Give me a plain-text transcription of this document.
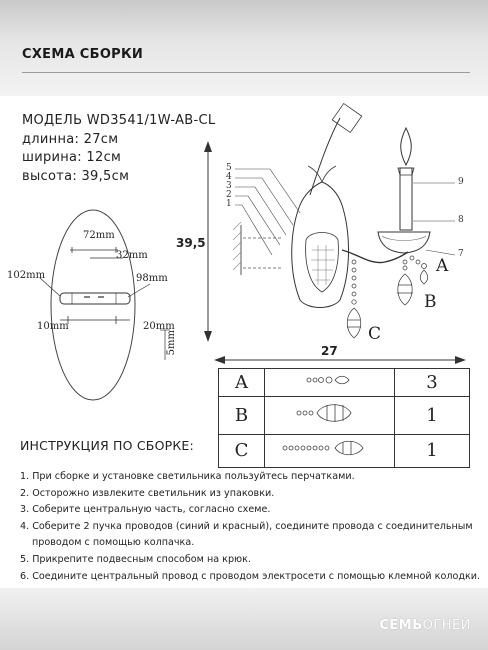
СХЕМА СБОРКИ
МОДЕЛЬ WD3541/1W-AB-CL
длинна: 27см
ширина: 12см
высота: 39,5см
72mm
32mm
98mm
102mm
10mm	20mm
5mm
39,5
27
5
4
3
2
1
9
8
7
A
B
C
A		3
B		1
C		1
ИНСТРУКЦИЯ ПО СБОРКЕ:
1. При сборке и установке светильника пользуйтесь перчатками.
2. Осторожно извлеките светильник из упаковки.
3. Соберите центральную часть, согласно схеме.
4. Соберите 2 пучка проводов (синий и красный), соедините провода с соединительным
проводом с помощью колпачка.
5. Прикрепите подвесным способом на крюк.
6. Соедините центральный провод с проводом электросети с помощью клемной колодки.
СЕМЬОГНЕЙ
